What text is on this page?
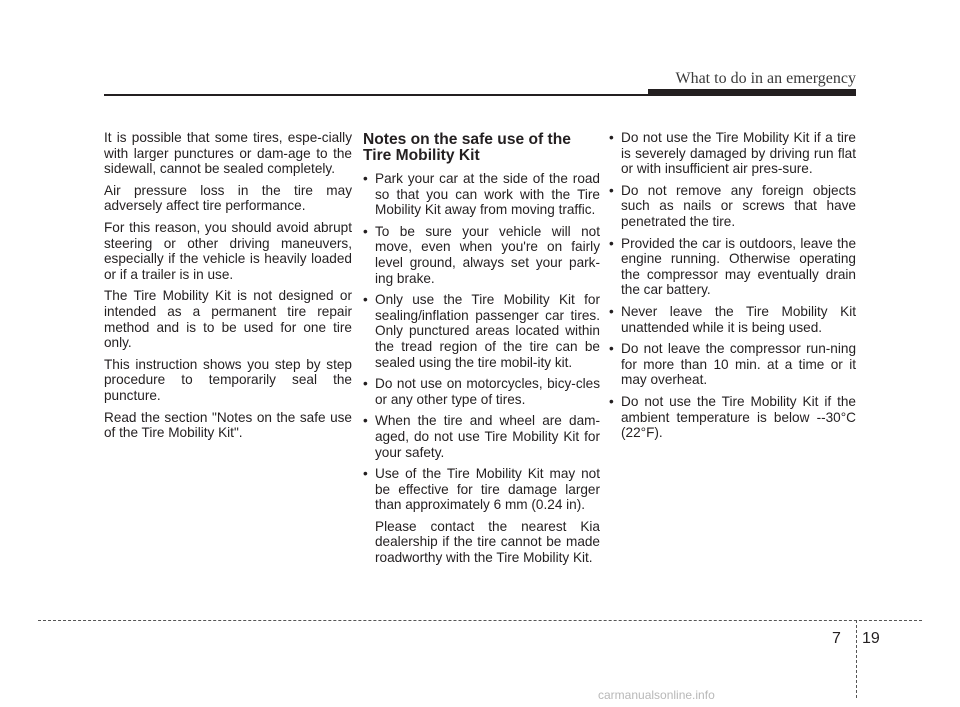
What to do in an emergency

It is possible that some tires, espe-cially with larger punctures or dam-age to the sidewall, cannot be sealed completely.

Air pressure loss in the tire may adversely affect tire performance.

For this reason, you should avoid abrupt steering or other driving maneuvers, especially if the vehicle is heavily loaded or if a trailer is in use.

The Tire Mobility Kit is not designed or intended as a permanent tire repair method and is to be used for one tire only.

This instruction shows you step by step procedure to temporarily seal the puncture.

Read the section "Notes on the safe use of the Tire Mobility Kit".

Notes on the safe use of the Tire Mobility Kit
• Park your car at the side of the road so that you can work with the Tire Mobility Kit away from moving traffic.
• To be sure your vehicle will not move, even when you're on fairly level ground, always set your park-ing brake.
• Only use the Tire Mobility Kit for sealing/inflation passenger car tires. Only punctured areas located within the tread region of the tire can be sealed using the tire mobil-ity kit.
• Do not use on motorcycles, bicy-cles or any other type of tires.
• When the tire and wheel are dam-aged, do not use Tire Mobility Kit for your safety.
• Use of the Tire Mobility Kit may not be effective for tire damage larger than approximately 6 mm (0.24 in).
Please contact the nearest Kia dealership if the tire cannot be made roadworthy with the Tire Mobility Kit.
• Do not use the Tire Mobility Kit if a tire is severely damaged by driving run flat or with insufficient air pres-sure.
• Do not remove any foreign objects such as nails or screws that have penetrated the tire.
• Provided the car is outdoors, leave the engine running. Otherwise operating the compressor may eventually drain the car battery.
• Never leave the Tire Mobility Kit unattended while it is being used.
• Do not leave the compressor run-ning for more than 10 min. at a time or it may overheat.
• Do not use the Tire Mobility Kit if the ambient temperature is below --30°C (22°F).
7 19
carmanualsonline.info
